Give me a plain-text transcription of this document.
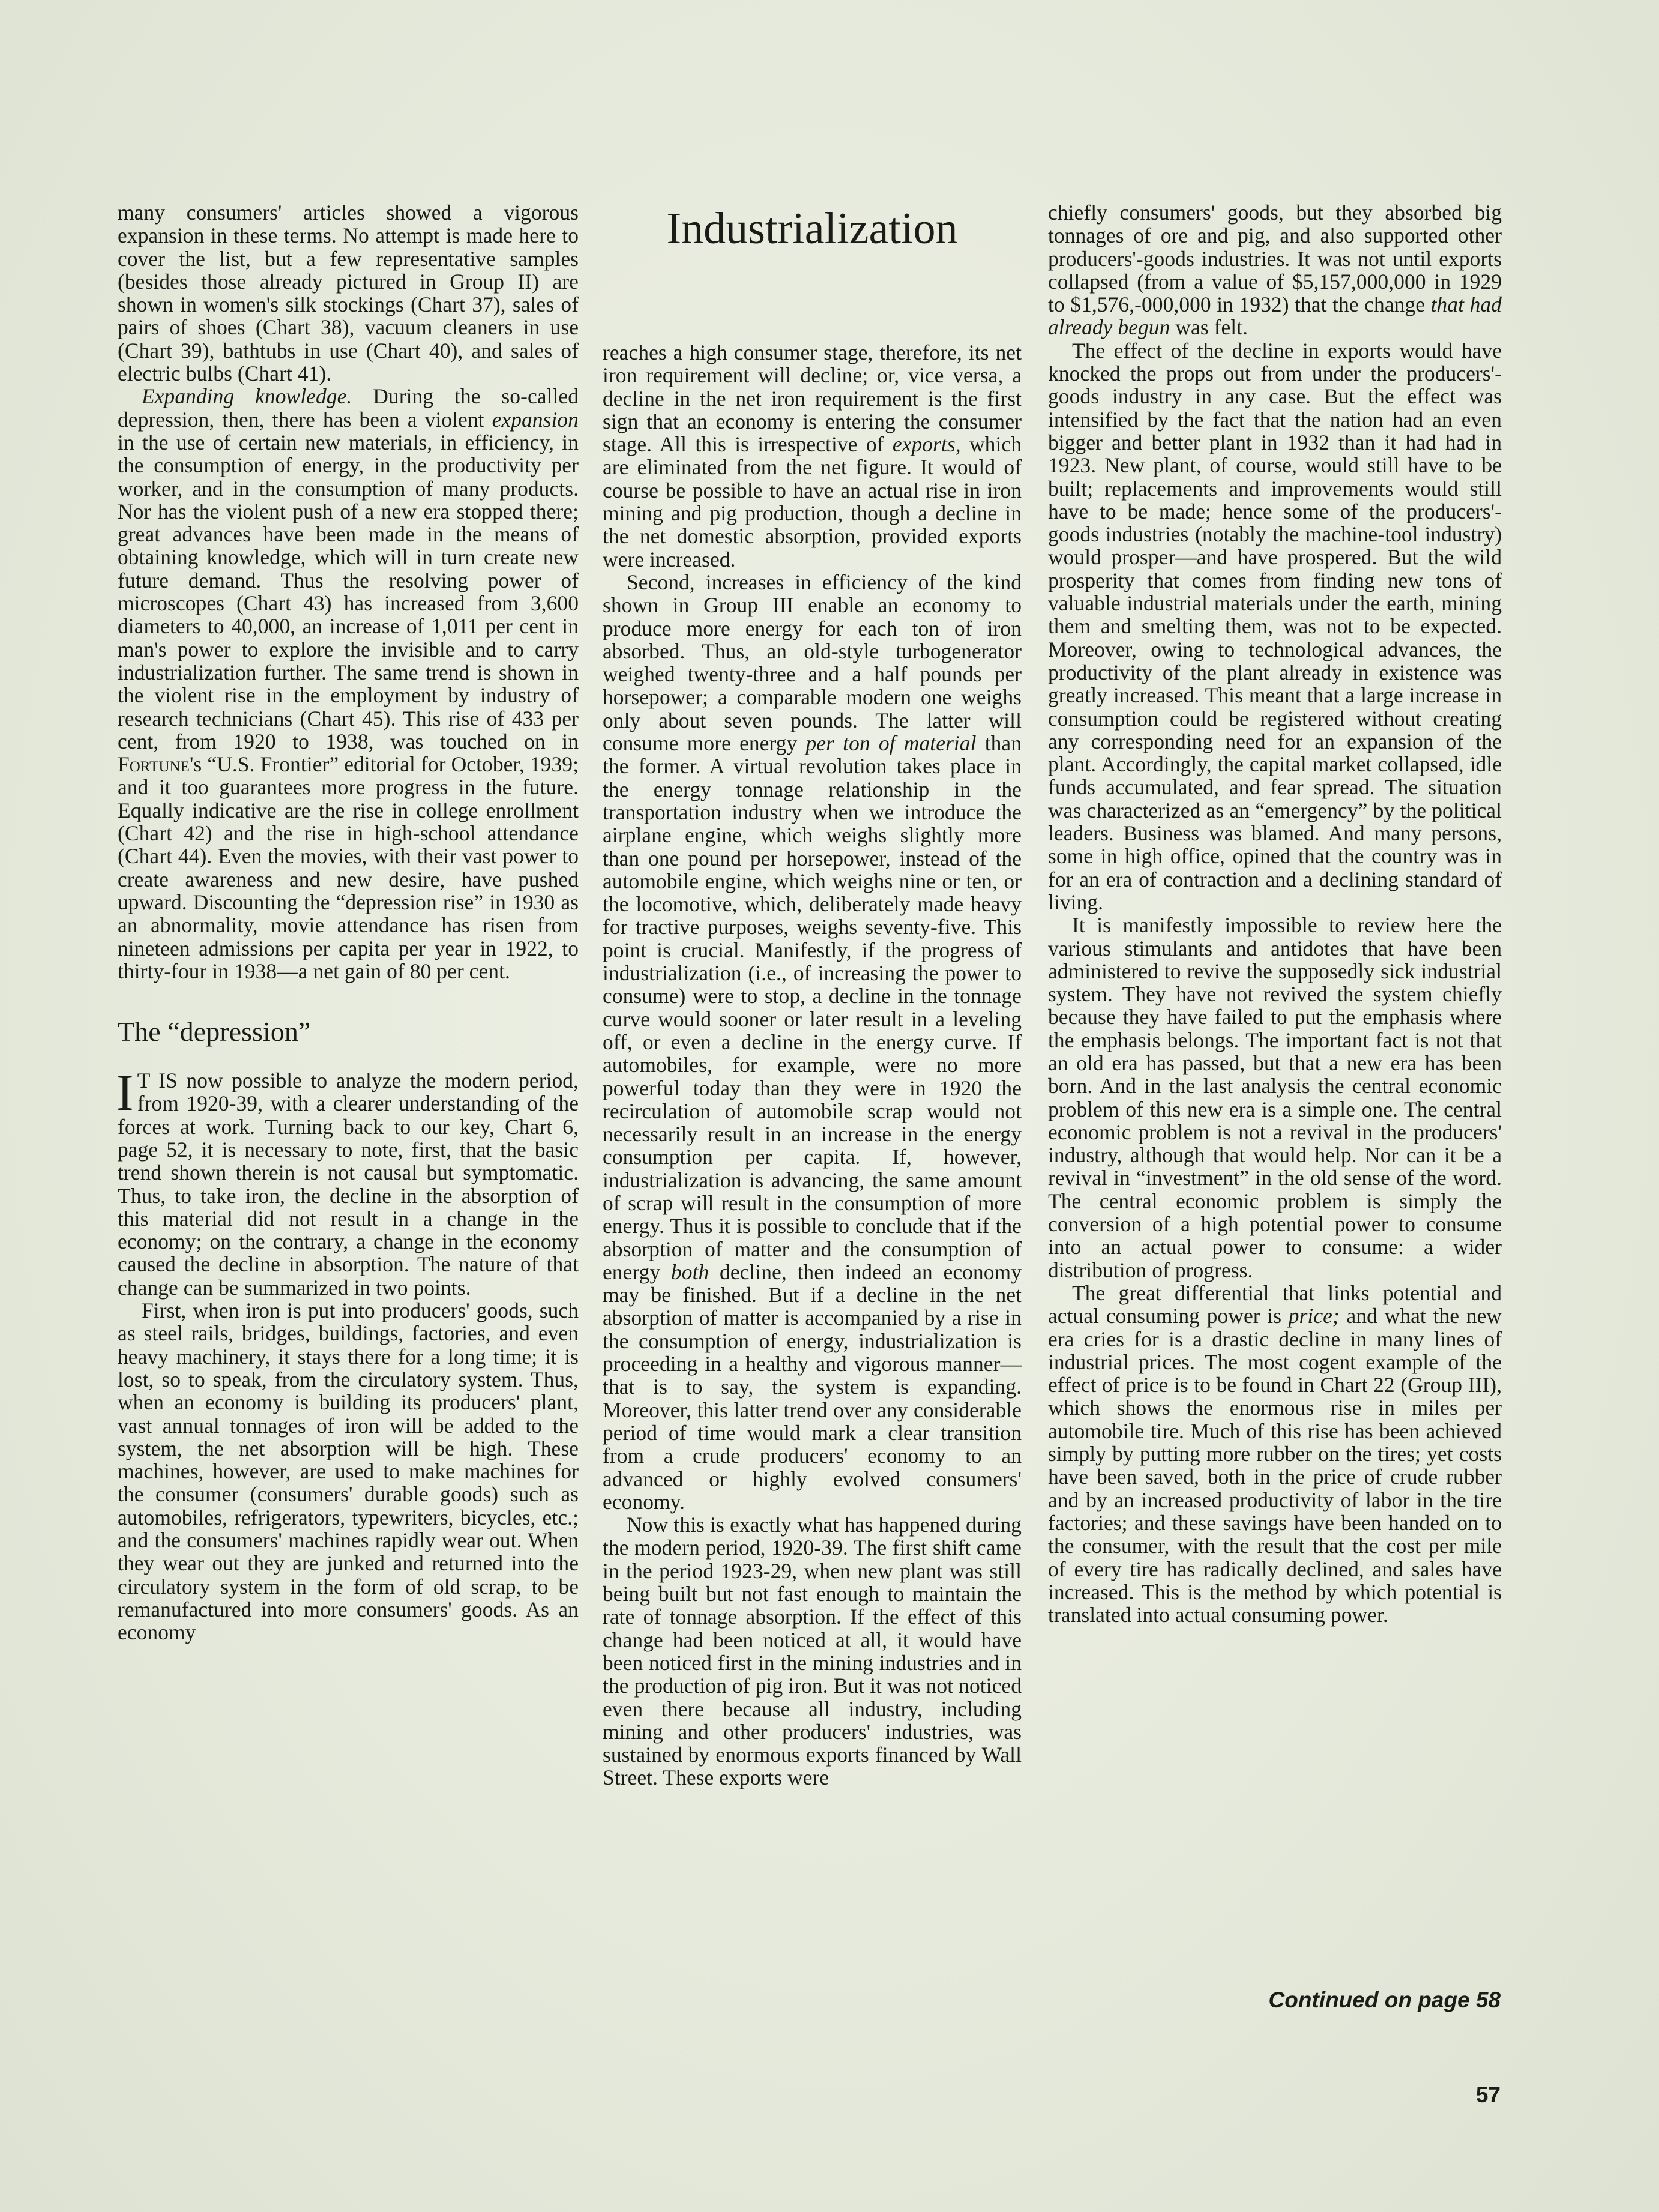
Industrialization

many consumers' articles showed a vigorous expansion in these terms. No attempt is made here to cover the list, but a few representative samples (besides those already pictured in Group II) are shown in women's silk stockings (Chart 37), sales of pairs of shoes (Chart 38), vacuum cleaners in use (Chart 39), bathtubs in use (Chart 40), and sales of electric bulbs (Chart 41).

Expanding knowledge. During the so-called depression, then, there has been a violent expansion in the use of certain new materials, in efficiency, in the consumption of energy, in the productivity per worker, and in the consumption of many products. Nor has the violent push of a new era stopped there; great advances have been made in the means of obtaining knowledge, which will in turn create new future demand. Thus the resolving power of microscopes (Chart 43) has increased from 3,600 diameters to 40,000, an increase of 1,011 per cent in man's power to explore the invisible and to carry industrialization further. The same trend is shown in the violent rise in the employment by industry of research technicians (Chart 45). This rise of 433 per cent, from 1920 to 1938, was touched on in Fortune's “U.S. Frontier” editorial for October, 1939; and it too guarantees more progress in the future. Equally indicative are the rise in college enrollment (Chart 42) and the rise in high-school attendance (Chart 44). Even the movies, with their vast power to create awareness and new desire, have pushed upward. Discounting the “depression rise” in 1930 as an abnormality, movie attendance has risen from nineteen admissions per capita per year in 1922, to thirty-four in 1938—a net gain of 80 per cent.

The “depression”

I T IS now possible to analyze the modern period, from 1920-39, with a clearer understanding of the forces at work. Turning back to our key, Chart 6, page 52, it is necessary to note, first, that the basic trend shown therein is not causal but symptomatic. Thus, to take iron, the decline in the absorption of this material did not result in a change in the economy; on the contrary, a change in the economy caused the decline in absorption. The nature of that change can be summarized in two points.

First, when iron is put into producers' goods, such as steel rails, bridges, buildings, factories, and even heavy machinery, it stays there for a long time; it is lost, so to speak, from the circulatory system. Thus, when an economy is building its producers' plant, vast annual tonnages of iron will be added to the system, the net absorption will be high. These machines, however, are used to make machines for the consumer (consumers' durable goods) such as automobiles, refrigerators, typewriters, bicycles, etc.; and the consumers' machines rapidly wear out. When they wear out they are junked and returned into the circulatory system in the form of old scrap, to be remanufactured into more consumers' goods. As an economy

reaches a high consumer stage, therefore, its net iron requirement will decline; or, vice versa, a decline in the net iron requirement is the first sign that an economy is entering the consumer stage. All this is irrespective of exports, which are eliminated from the net figure. It would of course be possible to have an actual rise in iron mining and pig production, though a decline in the net domestic absorption, provided exports were increased.

Second, increases in efficiency of the kind shown in Group III enable an economy to produce more energy for each ton of iron absorbed. Thus, an old-style turbogenerator weighed twenty-three and a half pounds per horsepower; a comparable modern one weighs only about seven pounds. The latter will consume more energy per ton of material than the former. A virtual revolution takes place in the energy tonnage relationship in the transportation industry when we introduce the airplane engine, which weighs slightly more than one pound per horsepower, instead of the automobile engine, which weighs nine or ten, or the locomotive, which, deliberately made heavy for tractive purposes, weighs seventy-five. This point is crucial. Manifestly, if the progress of industrialization (i.e., of increasing the power to consume) were to stop, a decline in the tonnage curve would sooner or later result in a leveling off, or even a decline in the energy curve. If automobiles, for example, were no more powerful today than they were in 1920 the recirculation of automobile scrap would not necessarily result in an increase in the energy consumption per capita. If, however, industrialization is advancing, the same amount of scrap will result in the consumption of more energy. Thus it is possible to conclude that if the absorption of matter and the consumption of energy both decline, then indeed an economy may be finished. But if a decline in the net absorption of matter is accompanied by a rise in the consumption of energy, industrialization is proceeding in a healthy and vigorous manner—that is to say, the system is expanding. Moreover, this latter trend over any considerable period of time would mark a clear transition from a crude producers' economy to an advanced or highly evolved consumers' economy.

Now this is exactly what has happened during the modern period, 1920-39. The first shift came in the period 1923-29, when new plant was still being built but not fast enough to maintain the rate of tonnage absorption. If the effect of this change had been noticed at all, it would have been noticed first in the mining industries and in the production of pig iron. But it was not noticed even there because all industry, including mining and other producers' industries, was sustained by enormous exports financed by Wall Street. These exports were

chiefly consumers' goods, but they absorbed big tonnages of ore and pig, and also supported other producers'-goods industries. It was not until exports collapsed (from a value of $5,157,000,000 in 1929 to $1,576,-000,000 in 1932) that the change that had already begun was felt.

The effect of the decline in exports would have knocked the props out from under the producers'-goods industry in any case. But the effect was intensified by the fact that the nation had an even bigger and better plant in 1932 than it had had in 1923. New plant, of course, would still have to be built; replacements and improvements would still have to be made; hence some of the producers'-goods industries (notably the machine-tool industry) would prosper—and have prospered. But the wild prosperity that comes from finding new tons of valuable industrial materials under the earth, mining them and smelting them, was not to be expected. Moreover, owing to technological advances, the productivity of the plant already in existence was greatly increased. This meant that a large increase in consumption could be registered without creating any corresponding need for an expansion of the plant. Accordingly, the capital market collapsed, idle funds accumulated, and fear spread. The situation was characterized as an “emergency” by the political leaders. Business was blamed. And many persons, some in high office, opined that the country was in for an era of contraction and a declining standard of living.

It is manifestly impossible to review here the various stimulants and antidotes that have been administered to revive the supposedly sick industrial system. They have not revived the system chiefly because they have failed to put the emphasis where the emphasis belongs. The important fact is not that an old era has passed, but that a new era has been born. And in the last analysis the central economic problem of this new era is a simple one. The central economic problem is not a revival in the producers' industry, although that would help. Nor can it be a revival in “investment” in the old sense of the word. The central economic problem is simply the conversion of a high potential power to consume into an actual power to consume: a wider distribution of progress.

The great differential that links potential and actual consuming power is price; and what the new era cries for is a drastic decline in many lines of industrial prices. The most cogent example of the effect of price is to be found in Chart 22 (Group III), which shows the enormous rise in miles per automobile tire. Much of this rise has been achieved simply by putting more rubber on the tires; yet costs have been saved, both in the price of crude rubber and by an increased productivity of labor in the tire factories; and these savings have been handed on to the consumer, with the result that the cost per mile of every tire has radically declined, and sales have increased. This is the method by which potential is translated into actual consuming power.

Continued on page 58
57
